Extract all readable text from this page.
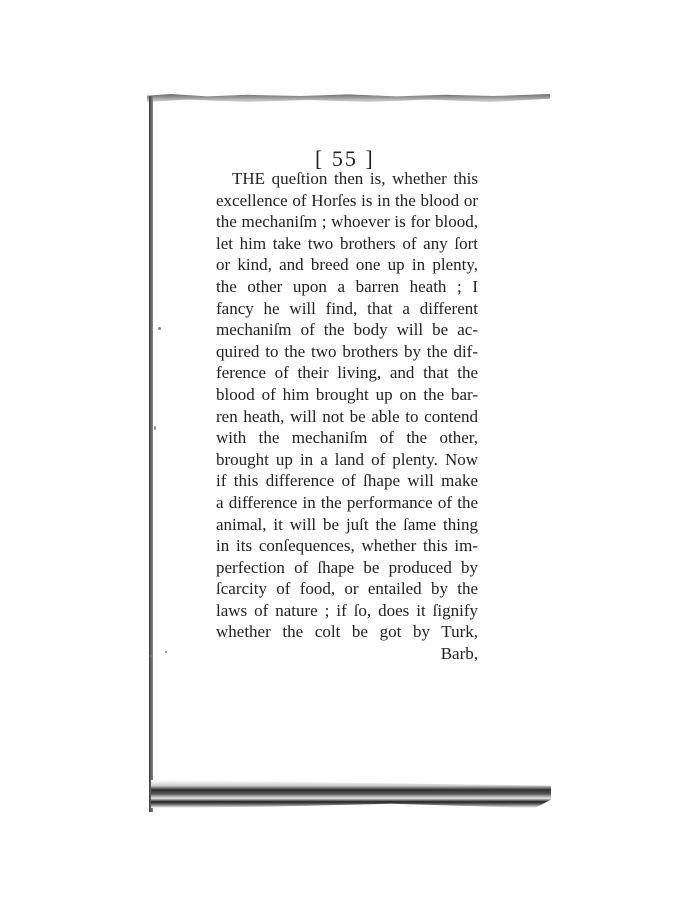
[ 55 ]
THE queſtion then is, whether this
excellence of Horſes is in the blood or
the mechaniſm ; whoever is for blood,
let him take two brothers of any ſort
or kind, and breed one up in plenty,
the other upon a barren heath ; I
fancy he will find, that a different
mechaniſm of the body will be ac-
quired to the two brothers by the dif-
ference of their living, and that the
blood of him brought up on the bar-
ren heath, will not be able to contend
with the mechaniſm of the other,
brought up in a land of plenty. Now
if this difference of ſhape will make
a difference in the performance of the
animal, it will be juſt the ſame thing
in its conſequences, whether this im-
perfection of ſhape be produced by
ſcarcity of food, or entailed by the
laws of nature ; if ſo, does it ſignify
whether the colt be got by Turk,
Barb,
